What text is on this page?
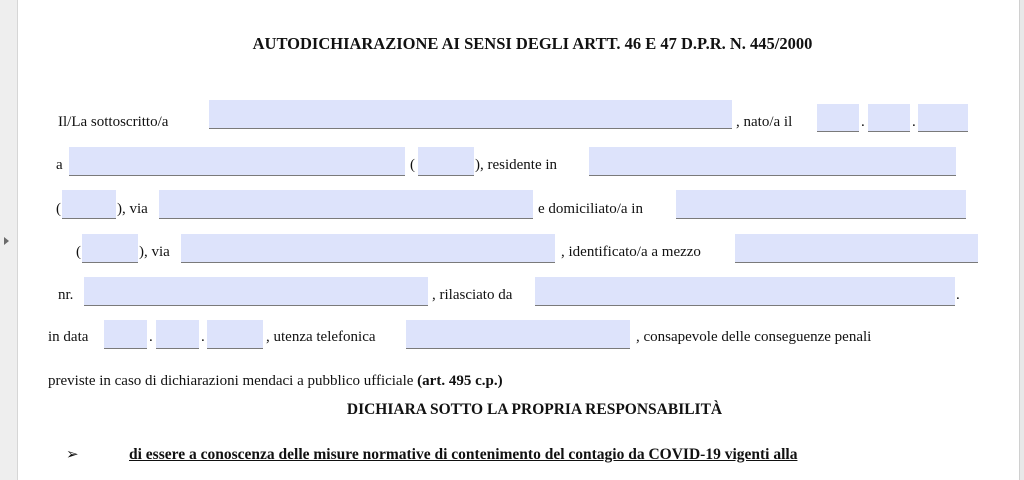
AUTODICHIARAZIONE AI SENSI DEGLI ARTT. 46 E 47 D.P.R. N. 445/2000
Il/La sottoscritto/a	, nato/a il	.	.
a	(	), residente in
(	), via	e domiciliato/a in
(	), via	, identificato/a a mezzo
nr.	, rilasciato da	.
in data	.	.	, utenza telefonica	, consapevole delle conseguenze penali
previste in caso di dichiarazioni mendaci a pubblico ufficiale (art. 495 c.p.)
DICHIARA SOTTO LA PROPRIA RESPONSABILITÀ
➢	di essere a conoscenza delle misure normative di contenimento del contagio da COVID-19 vigenti alla
